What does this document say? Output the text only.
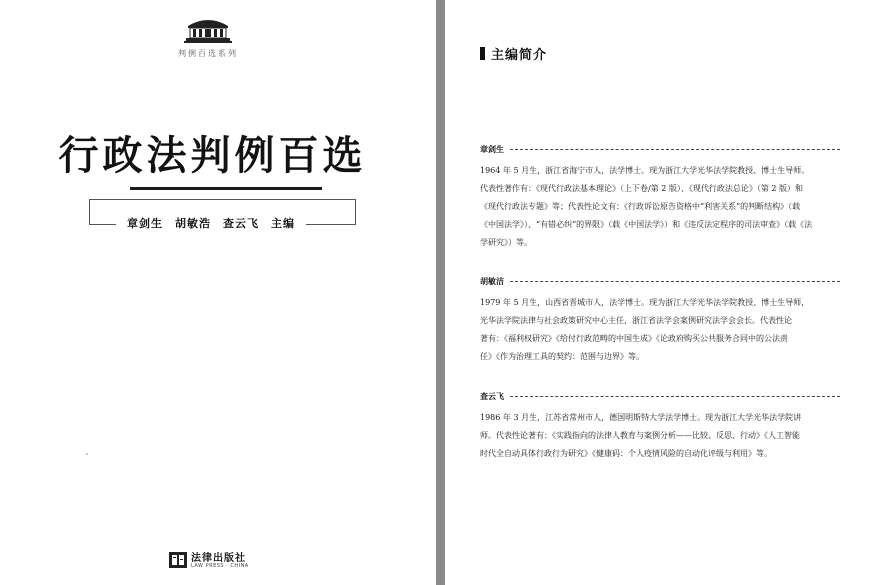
判例百选系列
行政法判例百选
章剑生　胡敏浩　查云飞　主编
法律出版社
LAW PRESS · CHINA
主编简介
章剑生
1964 年 5 月生，浙江省海宁市人，法学博士。现为浙江大学光华法学院教授、博士生导师。
代表性著作有：《现代行政法基本理论》（上下卷/第 2 版）、《现代行政法总论》（第 2 版）和
《现代行政法专题》等；代表性论文有：《行政诉讼原告资格中“利害关系”的判断结构》（载
《中国法学》）、“有错必纠”的界限》（载《中国法学》）和《违反法定程序的司法审查》（载《法
学研究》）等。
胡敏洁
1979 年 5 月生，山西省晋城市人，法学博士。现为浙江大学光华法学院教授、博士生导师，
光华法学院法律与社会政策研究中心主任，浙江省法学会案例研究法学会会长。代表性论
著有：《福利权研究》《给付行政范畴的中国生成》《论政府购买公共服务合同中的公法责
任》《作为治理工具的契约：范围与边界》等。
查云飞
1986 年 3 月生，江苏省常州市人，德国明斯特大学法学博士。现为浙江大学光华法学院讲
师。代表性论著有：《实践指向的法律人教育与案例分析——比较、反思、行动》《人工智能
时代全自动具体行政行为研究》《健康码：个人疫情风险的自动化评级与利用》等。
